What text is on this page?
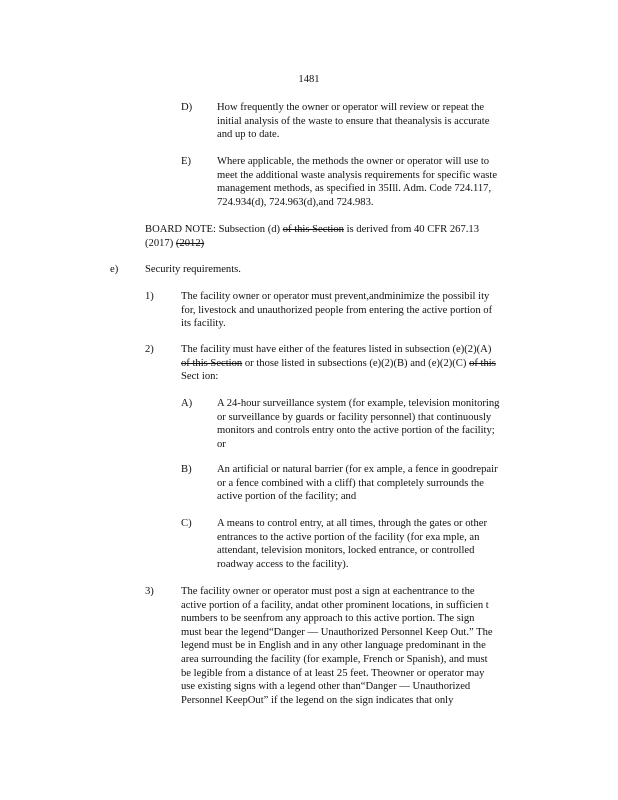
1481
D) How frequently the owner or operator will review or repeat the
initial analysis of the waste to ensure that theanalysis is accurate
and up to date.
E) Where applicable, the methods the owner or operator will use to
meet the additional waste analysis requirements for specific waste
management methods, as specified in 35Ill. Adm. Code 724.117,
724.934(d), 724.963(d),and 724.983.
BOARD NOTE: Subsection (d) of this Section is derived from 40 CFR 267.13
(2017) (2012)
e)	Security requirements.
1)	The facility owner or operator must prevent,andminimize the possibil ity
for, livestock and unauthorized people from entering the active portion of
its facility.
2)	The facility must have either of the features listed in subsection (e)(2)(A)
of this Section or those listed in subsections (e)(2)(B) and (e)(2)(C) of this
Sect ion:
A) A 24-hour surveillance system (for example, television monitoring
or surveillance by guards or facility personnel) that continuously
monitors and controls entry onto the active portion of the facility;
or
B) An artificial or natural barrier (for ex ample, a fence in goodrepair
or a fence combined with a cliff) that completely surrounds the
active portion of the facility; and
C) A means to control entry, at all times, through the gates or other
entrances to the active portion of the facility (for exa mple, an
attendant, television monitors, locked entrance, or controlled
roadway access to the facility).
3)	The facility owner or operator must post a sign at eachentrance to the
active portion of a facility, andat other prominent locations, in sufficien t
numbers to be seenfrom any approach to this active portion. The sign
must bear the legend“Danger — Unauthorized Personnel Keep Out.” The
legend must be in English and in any other language predominant in the
area surrounding the facility (for example, French or Spanish), and must
be legible from a distance of at least 25 feet. Theowner or operator may
use existing signs with a legend other than“Danger — Unauthorized
Personnel KeepOut” if the legend on the sign indicates that only
